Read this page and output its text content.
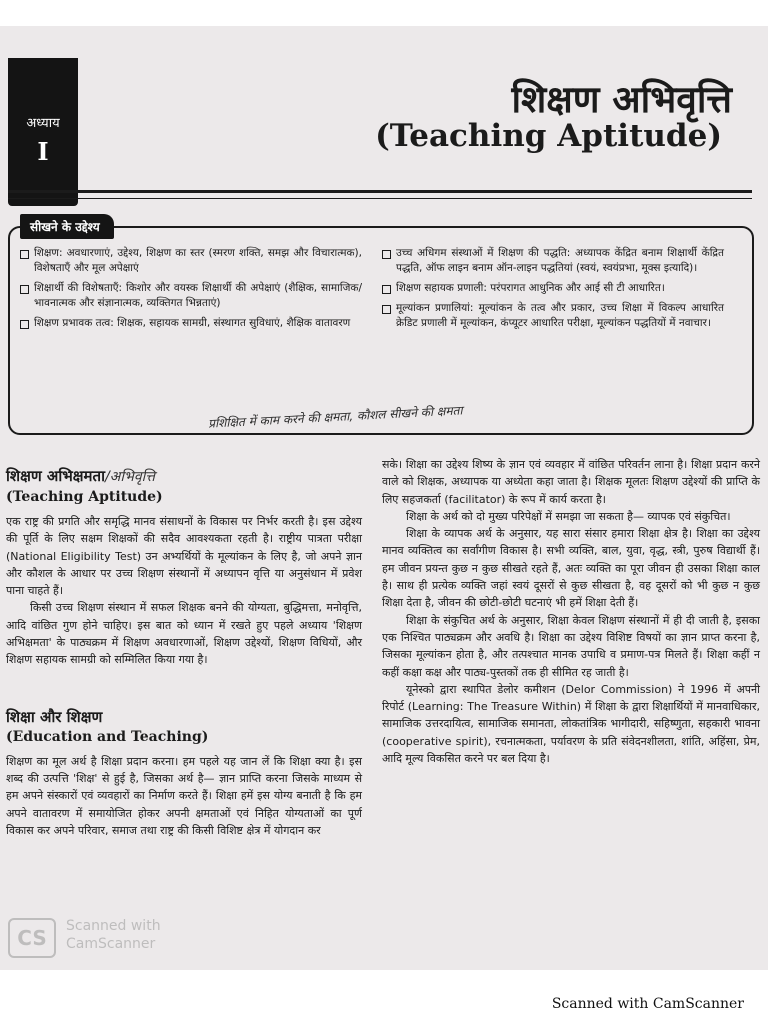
अध्याय
I
शिक्षण अभिवृत्ति
(Teaching Aptitude)
सीखने के उद्देश्य
शिक्षण: अवधारणाएं, उद्देश्य, शिक्षण का स्तर (स्मरण शक्ति, समझ और विचारात्मक), विशेषताएँ और मूल अपेक्षाएं
शिक्षार्थी की विशेषताएँ: किशोर और वयस्क शिक्षार्थी की अपेक्षाएं (शैक्षिक, सामाजिक/भावनात्मक और संज्ञानात्मक, व्यक्तिगत भिन्नताएं)
शिक्षण प्रभावक तत्व: शिक्षक, सहायक सामग्री, संस्थागत सुविधाएं, शैक्षिक वातावरण
उच्च अधिगम संस्थाओं में शिक्षण की पद्धति: अध्यापक केंद्रित बनाम शिक्षार्थी केंद्रित पद्धति, ऑफ लाइन बनाम ऑन-लाइन पद्धतियां (स्वयं, स्वयंप्रभा, मूक्स इत्यादि)।
शिक्षण सहायक प्रणाली: परंपरागत आधुनिक और आई सी टी आधारित।
मूल्यांकन प्रणालियां: मूल्यांकन के तत्व और प्रकार, उच्च शिक्षा में विकल्प आधारित क्रेडिट प्रणाली में मूल्यांकन, कंप्यूटर आधारित परीक्षा, मूल्यांकन पद्धतियों में नवाचार।
प्रशिक्षित में काम करने की क्षमता, कौशल सीखने की क्षमता
शिक्षण अभिक्षमता/अभिवृत्ति
(Teaching Aptitude)

एक राष्ट्र की प्रगति और समृद्धि मानव संसाधनों के विकास पर निर्भर करती है। इस उद्देश्य की पूर्ति के लिए सक्षम शिक्षकों की सदैव आवश्यकता रहती है। राष्ट्रीय पात्रता परीक्षा (National Eligibility Test) उन अभ्यर्थियों के मूल्यांकन के लिए है, जो अपने ज्ञान और कौशल के आधार पर उच्च शिक्षण संस्थानों में अध्यापन वृत्ति या अनुसंधान में प्रवेश पाना चाहते हैं।

किसी उच्च शिक्षण संस्थान में सफल शिक्षक बनने की योग्यता, बुद्धिमत्ता, मनोवृत्ति, आदि वांछित गुण होने चाहिए। इस बात को ध्यान में रखते हुए पहले अध्याय 'शिक्षण अभिक्षमता' के पाठ्यक्रम में शिक्षण अवधारणाओं, शिक्षण उद्देश्यों, शिक्षण विधियों, और शिक्षण सहायक सामग्री को सम्मिलित किया गया है।

शिक्षा और शिक्षण
(Education and Teaching)

शिक्षण का मूल अर्थ है शिक्षा प्रदान करना। हम पहले यह जान लें कि शिक्षा क्या है। इस शब्द की उत्पत्ति 'शिक्ष' से हुई है, जिसका अर्थ है— ज्ञान प्राप्ति करना जिसके माध्यम से हम अपने संस्कारों एवं व्यवहारों का निर्माण करते हैं। शिक्षा हमें इस योग्य बनाती है कि हम अपने वातावरण में समायोजित होकर अपनी क्षमताओं एवं निहित योग्यताओं का पूर्ण विकास कर अपने परिवार, समाज तथा राष्ट्र की किसी विशिष्ट क्षेत्र में योगदान कर

सके। शिक्षा का उद्देश्य शिष्य के ज्ञान एवं व्यवहार में वांछित परिवर्तन लाना है। शिक्षा प्रदान करने वाले को शिक्षक, अध्यापक या अध्येता कहा जाता है। शिक्षक मूलतः शिक्षण उद्देश्यों की प्राप्ति के लिए सहजकर्ता (facilitator) के रूप में कार्य करता है।

शिक्षा के अर्थ को दो मुख्य परिपेक्षों में समझा जा सकता है— व्यापक एवं संकुचित।

शिक्षा के व्यापक अर्थ के अनुसार, यह सारा संसार हमारा शिक्षा क्षेत्र है। शिक्षा का उद्देश्य मानव व्यक्तित्व का सर्वांगीण विकास है। सभी व्यक्ति, बाल, युवा, वृद्ध, स्त्री, पुरुष विद्यार्थी हैं। हम जीवन प्रयन्त कुछ न कुछ सीखते रहते हैं, अतः व्यक्ति का पूरा जीवन ही उसका शिक्षा काल है। साथ ही प्रत्येक व्यक्ति जहां स्वयं दूसरों से कुछ सीखता है, वह दूसरों को भी कुछ न कुछ शिक्षा देता है, जीवन की छोटी-छोटी घटनाएं भी हमें शिक्षा देती हैं।

शिक्षा के संकुचित अर्थ के अनुसार, शिक्षा केवल शिक्षण संस्थानों में ही दी जाती है, इसका एक निश्चित पाठ्यक्रम और अवधि है। शिक्षा का उद्देश्य विशिष्ट विषयों का ज्ञान प्राप्त करना है, जिसका मूल्यांकन होता है, और तत्पश्चात मानक उपाधि व प्रमाण-पत्र मिलते हैं। शिक्षा कहीं न कहीं कक्षा कक्ष और पाठ्य-पुस्तकों तक ही सीमित रह जाती है।

यूनेस्को द्वारा स्थापित डेलोर कमीशन (Delor Commission) ने 1996 में अपनी रिपोर्ट (Learning: The Treasure Within) में शिक्षा के द्वारा शिक्षार्थियों में मानवाधिकार, सामाजिक उत्तरदायित्व, सामाजिक समानता, लोकतांत्रिक भागीदारी, सहिष्णुता, सहकारी भावना (cooperative spirit), रचनात्मकता, पर्यावरण के प्रति संवेदनशीलता, शांति, अहिंसा, प्रेम, आदि मूल्य विकसित करने पर बल दिया है।

CS	Scanned with
CamScanner
Scanned with CamScanner
